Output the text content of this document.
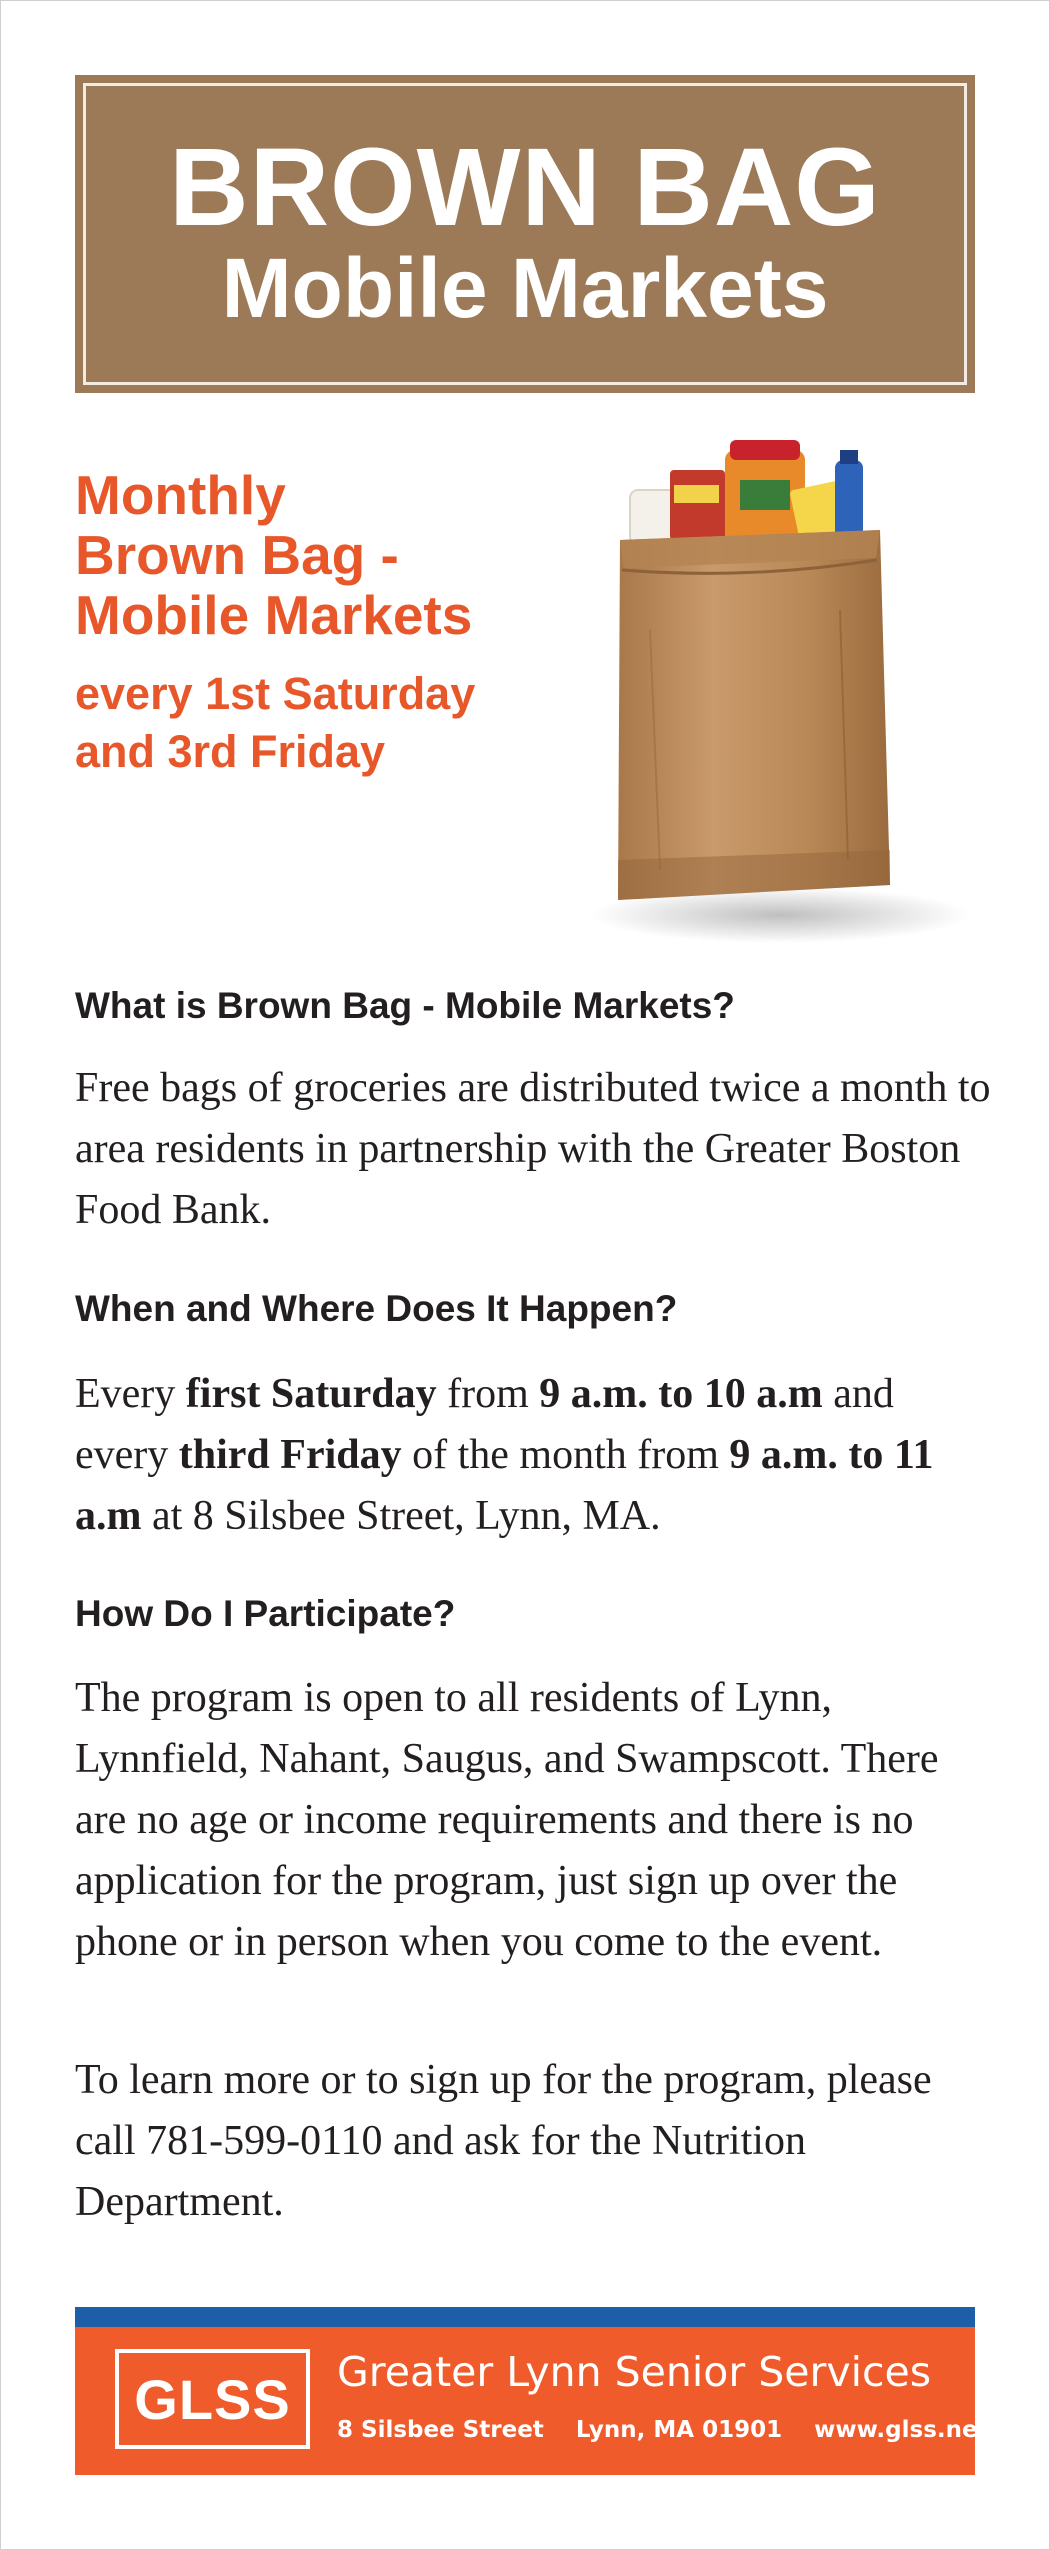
BROWN BAG
Mobile Markets
Monthly
Brown Bag -
Mobile Markets
every 1st Saturday
and 3rd Friday
What is Brown Bag - Mobile Markets?
Free bags of groceries are distributed twice a month to area residents in partnership with the Greater Boston Food Bank.
When and Where Does It Happen?
Every first Saturday from 9 a.m. to 10 a.m and every third Friday of the month from 9 a.m. to 11 a.m at 8 Silsbee Street, Lynn, MA.
How Do I Participate?
The program is open to all residents of Lynn, Lynnfield, Nahant, Saugus, and Swampscott. There are no age or income requirements and there is no application for the program, just sign up over the phone or in person when you come to the event.
To learn more or to sign up for the program, please call 781-599-0110 and ask for the Nutrition Department.
GLSS	Greater Lynn Senior Services
8 Silsbee Street    Lynn, MA 01901    www.glss.net
